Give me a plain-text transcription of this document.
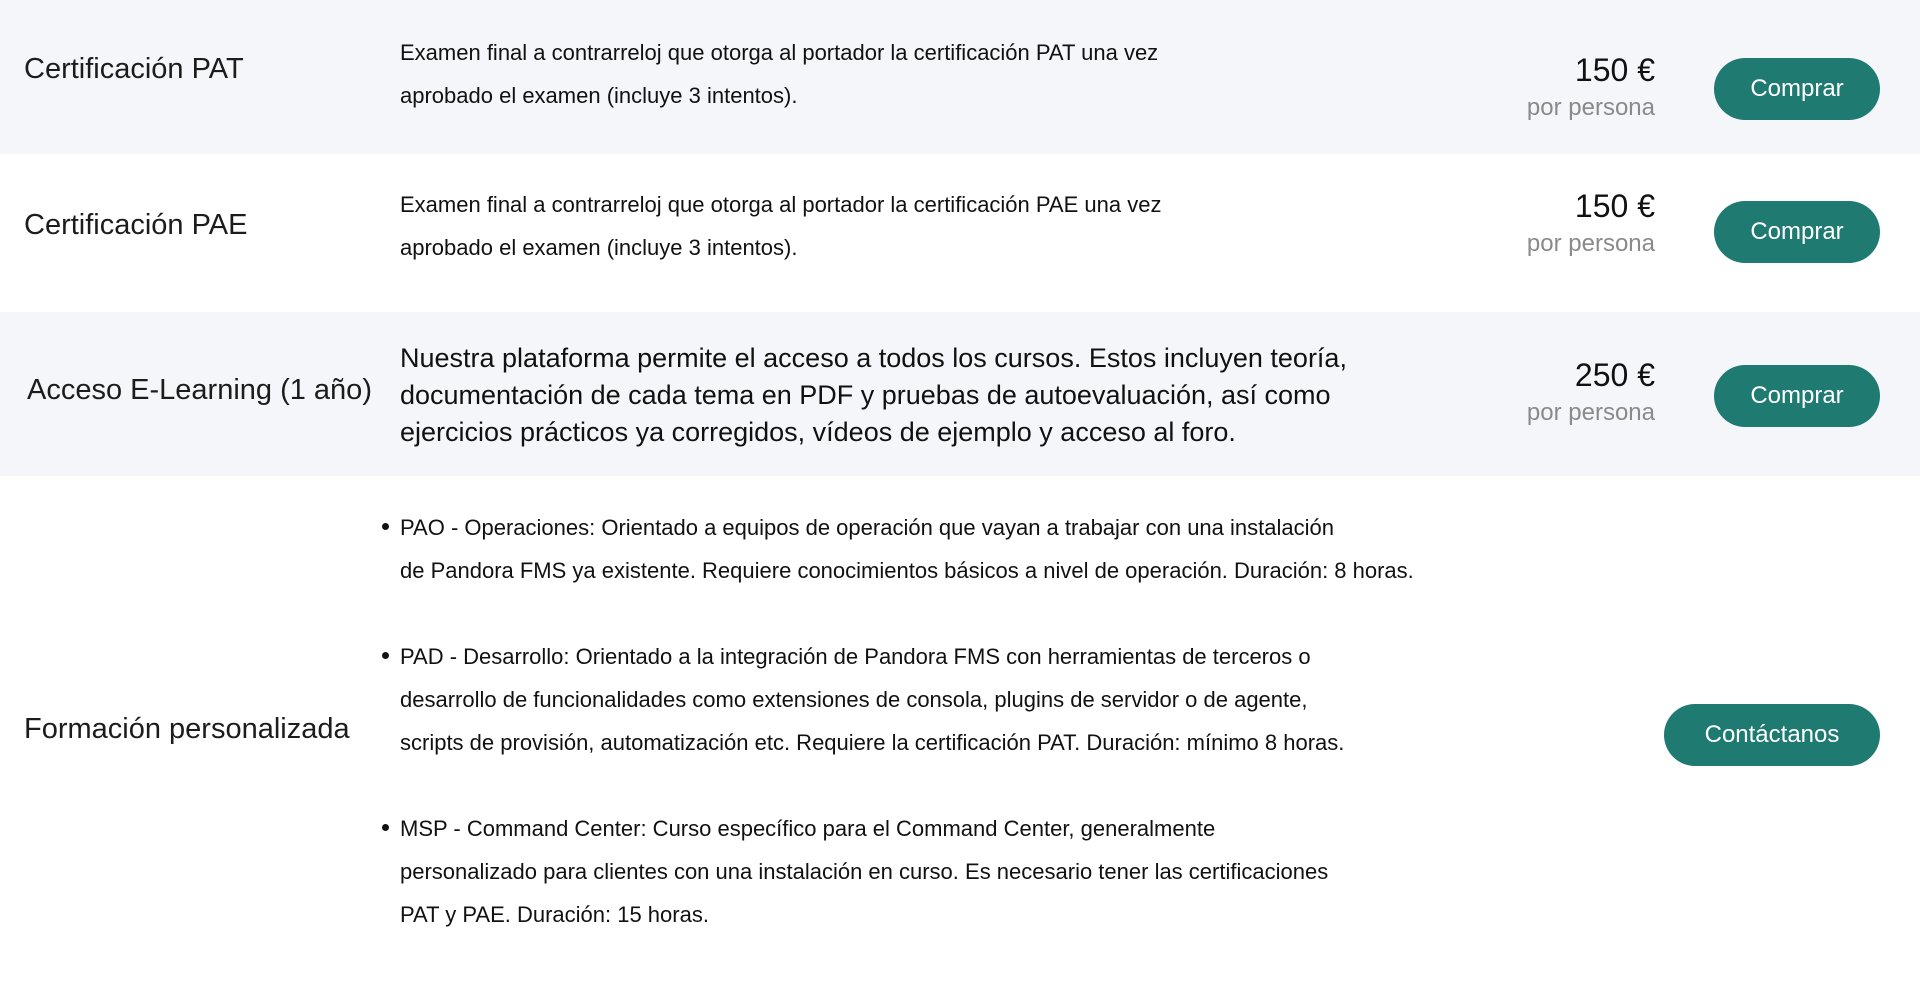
Certificación PAT
Examen final a contrarreloj que otorga al portador la certificación PAT una vez
aprobado el examen (incluye 3 intentos).
150 €
por persona
Comprar
Certificación PAE
Examen final a contrarreloj que otorga al portador la certificación PAE una vez
aprobado el examen (incluye 3 intentos).
150 €
por persona	Comprar
Acceso E-Learning (1 año)
Nuestra plataforma permite el acceso a todos los cursos. Estos incluyen teoría,
documentación de cada tema en PDF y pruebas de autoevaluación, así como
ejercicios prácticos ya corregidos, vídeos de ejemplo y acceso al foro.
250 €
por persona
Comprar
Formación personalizada
PAO - Operaciones: Orientado a equipos de operación que vayan a trabajar con una instalación
de Pandora FMS ya existente. Requiere conocimientos básicos a nivel de operación. Duración: 8 horas.
PAD - Desarrollo: Orientado a la integración de Pandora FMS con herramientas de terceros o
desarrollo de funcionalidades como extensiones de consola, plugins de servidor o de agente,
scripts de provisión, automatización etc. Requiere la certificación PAT. Duración: mínimo 8 horas.
MSP - Command Center: Curso específico para el Command Center, generalmente
personalizado para clientes con una instalación en curso. Es necesario tener las certificaciones
PAT y PAE. Duración: 15 horas.
Contáctanos
